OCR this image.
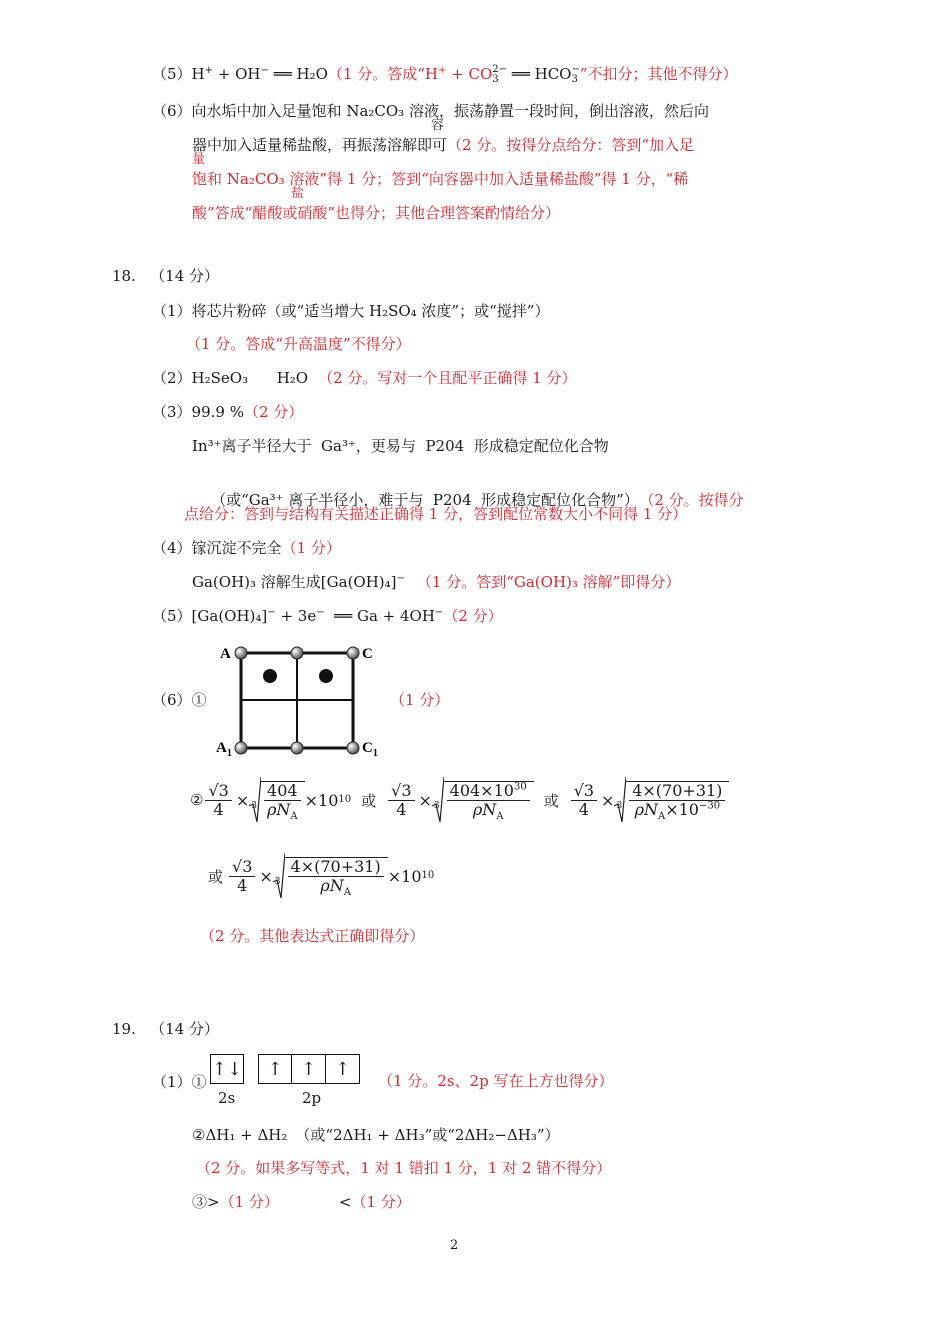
（5）H+ + OH− ══ H₂O（1 分。答成“H+ + CO 2−
3 ══ HCO −
3 ”不扣分；其他不得分）
（6）向水垢中加入足量饱和 Na₂CO₃ 溶液，振荡静置一段时间，倒出溶液，然后向
容
器中加入适量稀盐酸，再振荡溶解即可（2 分。按得分点给分：答到“加入足
量
饱和 Na₂CO₃ 溶液”得 1 分；答到“向容器中加入适量稀盐酸”得 1 分，“稀
盐
酸”答成“醋酸或硝酸”也得分；其他合理答案酌情给分）
18. （14 分）
（1）将芯片粉碎（或“适当增大 H₂SO₄ 浓度”；或“搅拌”）
（1 分。答成“升高温度”不得分）
（2）H₂SeO₃      H₂O （2 分。写对一个且配平正确得 1 分）
（3）99.9 %（2 分）
In³⁺离子半径大于  Ga³⁺，更易与  P204  形成稳定配位化合物

（或“Ga³⁺ 离子半径小，难于与  P204  形成稳定配位化合物”） （2 分。按得分

点给分：答到与结构有关描述正确得 1 分，答到配位常数大小不同得 1 分）
（4）镓沉淀不完全（1 分）
Ga(OH)₃ 溶解生成[Ga(OH)₄]− （1 分。答到“Ga(OH)₃ 溶解”即得分）
（5）[Ga(OH)₄]− + 3e−  ══ Ga + 4OH−（2 分）
（6）①	（1 分）
A	C
$A_1$	$C_1$
② $\frac{√3}{4} \times 3 \frac{404}{\rho N_A} \times 10$ 10 或 $\frac{√3}{4} \times 3 \frac{404\times 10^{30}}{\rho N_A}$ 或 $\frac{√3}{4} \times 3 \frac{4\times(70+31)}{\rho N_A\times 10^{-30}}$
或 $\frac{√3}{4} \times 3 \frac{4\times(70+31)}{\rho N_A} \times 10$ 10
（2 分。其他表达式正确即得分）
19. （14 分）
（1）①
↑↓	↑	↑	↑
2s	2p
（1 分。2s、2p 写在上方也得分）
②ΔH₁ + ΔH₂ （或“2ΔH₁ + ΔH₃”或“2ΔH₂−ΔH₃”）
（2 分。如果多写等式，1 对 1 错扣 1 分，1 对 2 错不得分）
③>（1 分）	<（1 分）
2
